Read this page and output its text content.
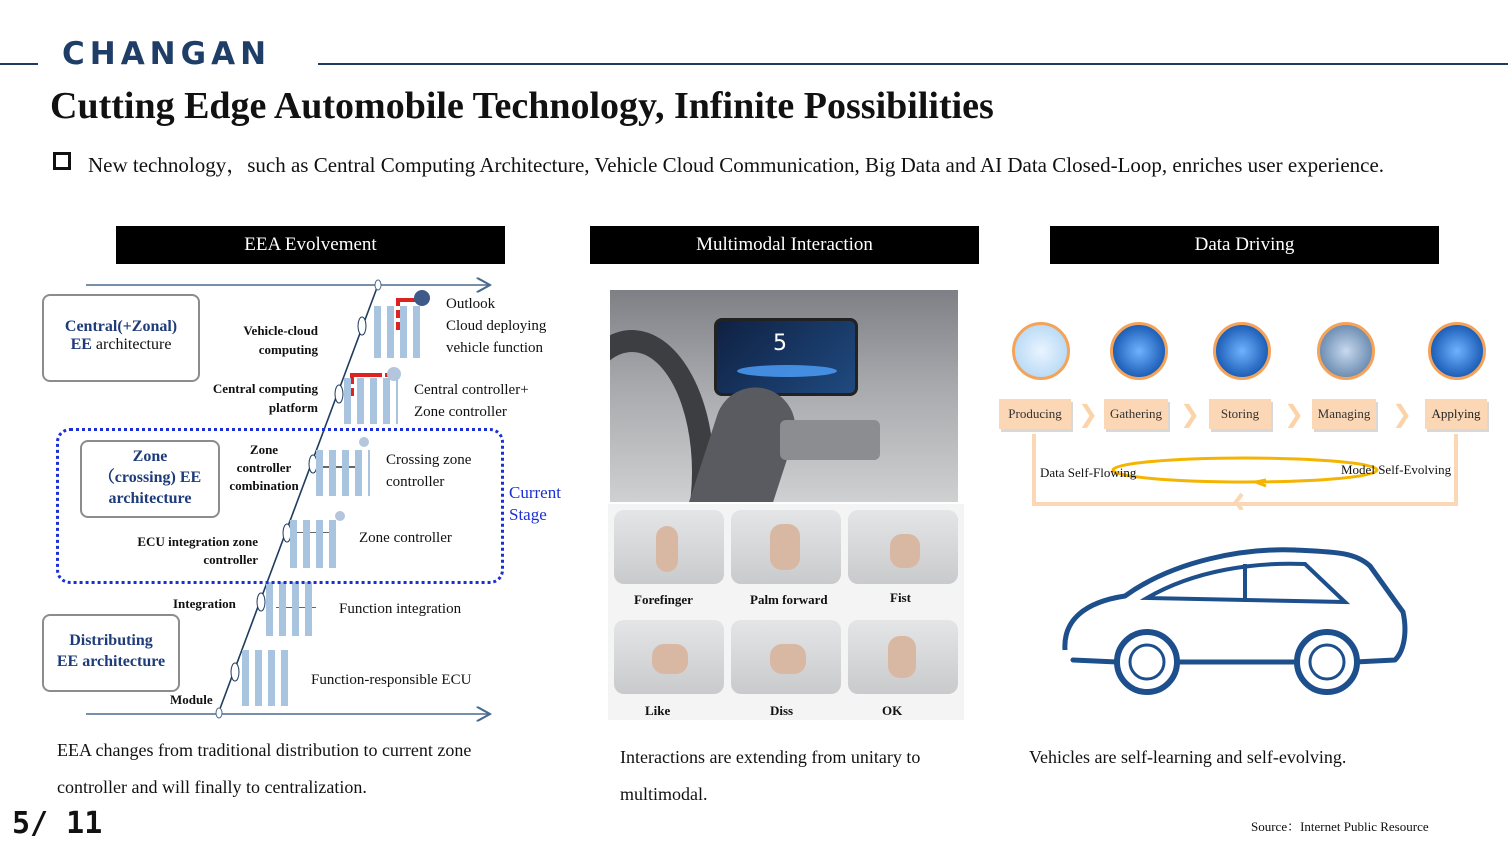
CHANGAN
Cutting Edge Automobile Technology, Infinite Possibilities
New technology，such as Central Computing Architecture, Vehicle Cloud Communication, Big Data and AI Data Closed-Loop, enriches user experience.
EEA Evolvement	Multimodal Interaction	Data Driving
Central(+Zonal)
EE architecture
Zone
（crossing) EE
architecture	Current
Stage
Distributing
EE architecture
Vehicle-cloud
computing
Central computing
platform
Zone
controller
combination
ECU integration zone
controller
Integration
Module
Outlook
Cloud deploying
vehicle function
Central controller+
Zone controller
Crossing zone
controller
Zone controller
Function integration
Function-responsible ECU
EEA changes from traditional distribution to current zone
controller and will finally to centralization.
5
Forefinger	Palm forward	Fist
Like	Diss	OK
Interactions are extending from unitary to
multimodal.
Producing ❯ Gathering ❯	Storing	❯	Managing ❯	Applying
Data Self-Flowing	Model Self-Evolving
Vehicles are self-learning and self-evolving.
5/ 11	Source：Internet Public Resource
